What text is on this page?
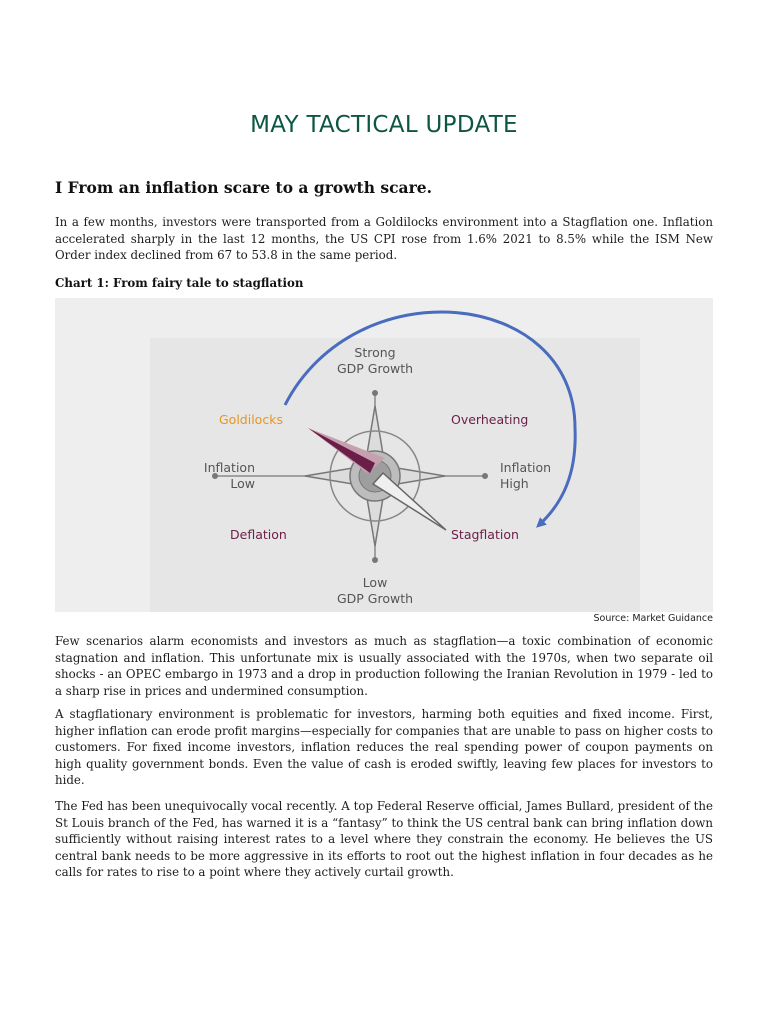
MAY TACTICAL UPDATE
I From an inflation scare to a growth scare.

In a few months, investors were transported from a Goldilocks environment into a Stagflation one. Inflation accelerated sharply in the last 12 months, the US CPI rose from 1.6% 2021 to 8.5% while the ISM New Order index declined from 67 to 53.8 in the same period.

Chart 1: From fairy tale to stagflation

Strong
GDP Growth
Low
GDP Growth
Inflation
Low
Inflation
High
Goldilocks	Overheating
Deflation	Stagflation

Source: Market Guidance

Few scenarios alarm economists and investors as much as stagflation—a toxic combination of economic stagnation and inflation. This unfortunate mix is usually associated with the 1970s, when two separate oil shocks - an OPEC embargo in 1973 and a drop in production following the Iranian Revolution in 1979 - led to a sharp rise in prices and undermined consumption.

A stagflationary environment is problematic for investors, harming both equities and fixed income. First, higher inflation can erode profit margins—especially for companies that are unable to pass on higher costs to customers. For fixed income investors, inflation reduces the real spending power of coupon payments on high quality government bonds. Even the value of cash is eroded swiftly, leaving few places for investors to hide.

The Fed has been unequivocally vocal recently. A top Federal Reserve official, James Bullard, president of the St Louis branch of the Fed, has warned it is a “fantasy” to think the US central bank can bring inflation down sufficiently without raising interest rates to a level where they constrain the economy. He believes the US central bank needs to be more aggressive in its efforts to root out the highest inflation in four decades as he calls for rates to rise to a point where they actively curtail growth.
